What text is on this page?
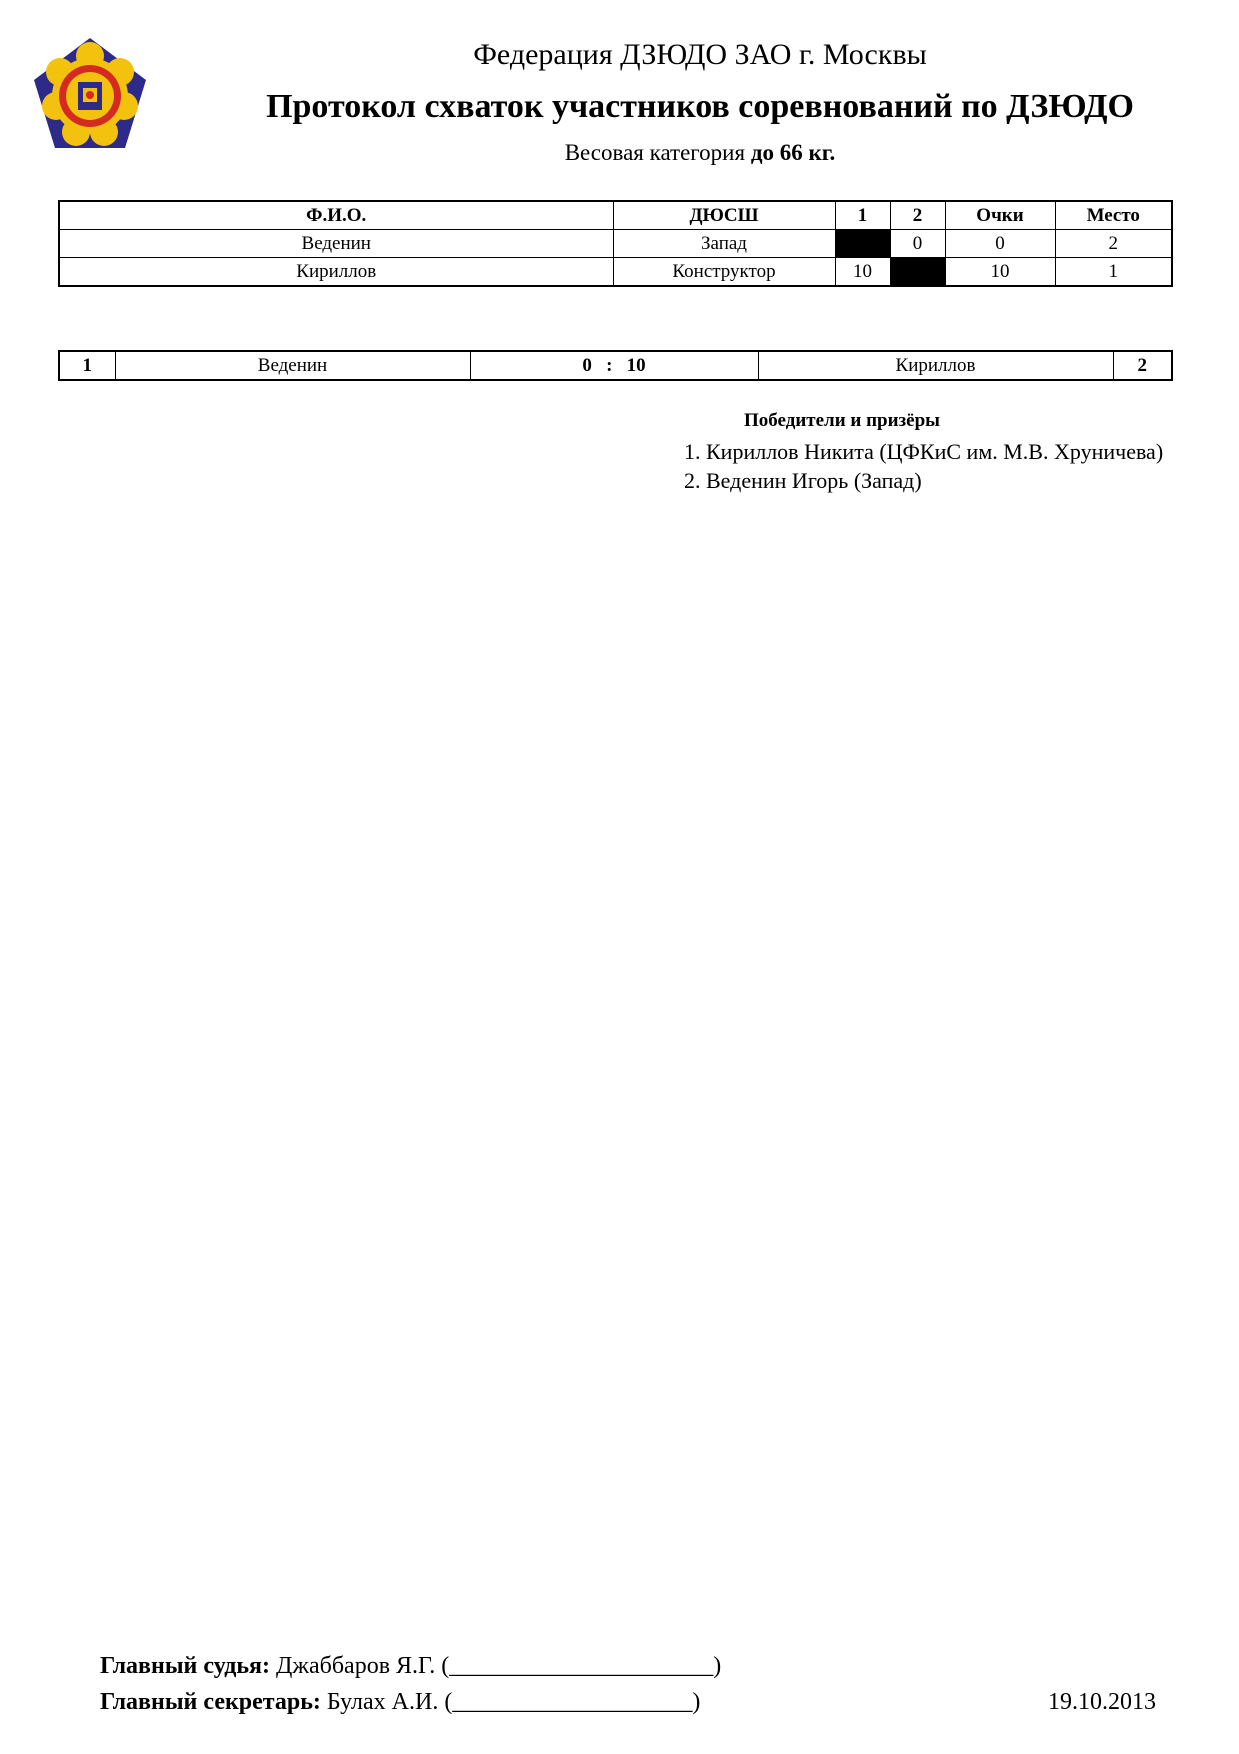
Федерация ДЗЮДО ЗАО г. Москвы
Протокол схваток участников соревнований по ДЗЮДО
Весовая категория до 66 кг.
Ф.И.О.	ДЮСШ	1	2	Очки	Место
Веденин	Запад		0	0	2
Кириллов	Конструктор	10		10	1
1	Веденин	0 : 10	Кириллов	2
Победители и призёры
1. Кириллов Никита (ЦФКиС им. М.В. Хруничева)
2. Веденин Игорь (Запад)
Главный судья: Джаббаров Я.Г. (______________________)
Главный секретарь: Булах А.И. (____________________)	19.10.2013
